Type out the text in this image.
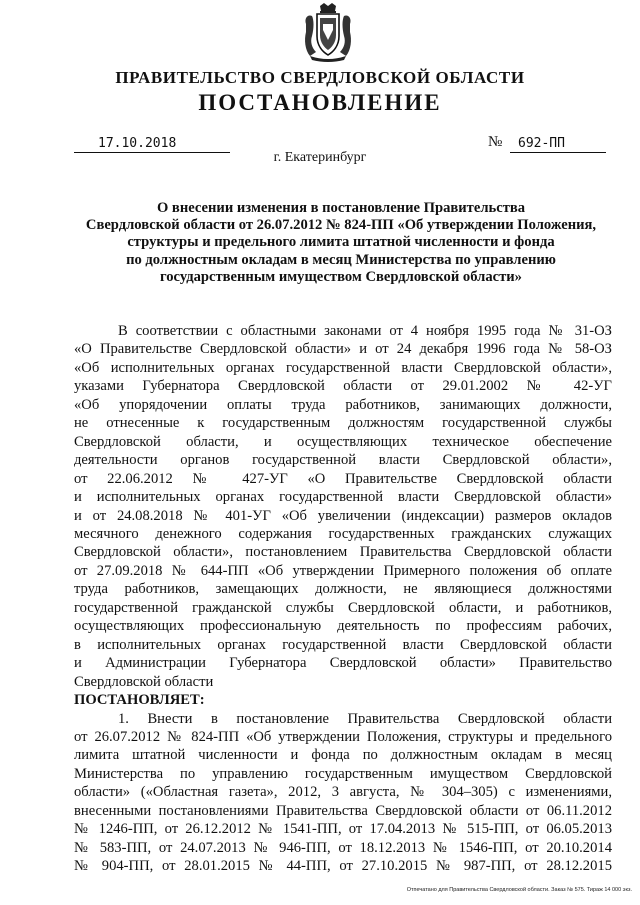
ПРАВИТЕЛЬСТВО СВЕРДЛОВСКОЙ ОБЛАСТИ
ПОСТАНОВЛЕНИЕ
17.10.2018	№	692-ПП
г. Екатеринбург
О внесении изменения в постановление Правительства
Свердловской области от 26.07.2012 № 824-ПП «Об утверждении Положения,
структуры и предельного лимита штатной численности и фонда
по должностным окладам в месяц Министерства по управлению
государственным имуществом Свердловской области»
В соответствии с областными законами от 4 ноября 1995 года № 31-ОЗ
«О Правительстве Свердловской области» и от 24 декабря 1996 года № 58-ОЗ
«Об исполнительных органах государственной власти Свердловской области»,
указами Губернатора Свердловской области от 29.01.2002 № 42-УГ
«Об упорядочении оплаты труда работников, занимающих должности,
не отнесенные к государственным должностям государственной службы
Свердловской области, и осуществляющих техническое обеспечение
деятельности органов государственной власти Свердловской области»,
от 22.06.2012 № 427-УГ «О Правительстве Свердловской области
и исполнительных органах государственной власти Свердловской области»
и от 24.08.2018 № 401-УГ «Об увеличении (индексации) размеров окладов
месячного денежного содержания государственных гражданских служащих
Свердловской области», постановлением Правительства Свердловской области
от 27.09.2018 № 644-ПП «Об утверждении Примерного положения об оплате
труда работников, замещающих должности, не являющиеся должностями
государственной гражданской службы Свердловской области, и работников,
осуществляющих профессиональную деятельность по профессиям рабочих,
в исполнительных органах государственной власти Свердловской области
и Администрации Губернатора Свердловской области» Правительство
Свердловской области
ПОСТАНОВЛЯЕТ:
1. Внести в постановление Правительства Свердловской области
от 26.07.2012 № 824-ПП «Об утверждении Положения, структуры и предельного
лимита штатной численности и фонда по должностным окладам в месяц
Министерства по управлению государственным имуществом Свердловской
области» («Областная газета», 2012, 3 августа, № 304–305) с изменениями,
внесенными постановлениями Правительства Свердловской области от 06.11.2012
№ 1246-ПП, от 26.12.2012 № 1541-ПП, от 17.04.2013 № 515-ПП, от 06.05.2013
№ 583-ПП, от 24.07.2013 № 946-ПП, от 18.12.2013 № 1546-ПП, от 20.10.2014
№ 904-ПП, от 28.01.2015 № 44-ПП, от 27.10.2015 № 987-ПП, от 28.12.2015
Отпечатано для Правительства Свердловской области. Заказ № 575. Тираж 14 000 экз.
